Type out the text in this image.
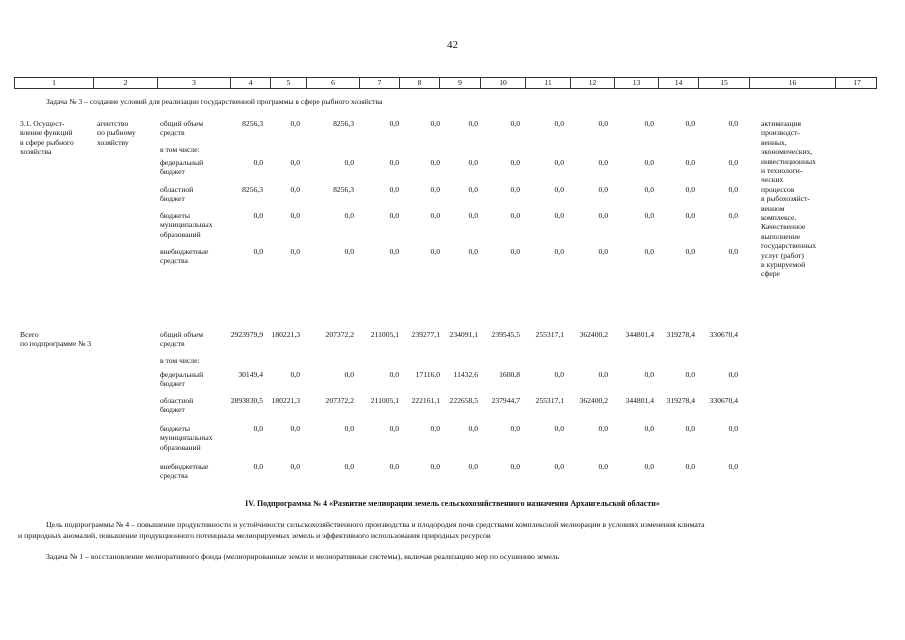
42
1	2	3	4	5	6	7	8	9	10	11	12	13	14	15	16	17
Задача № 3 – создание условий для реализации государственной программы в сфере рыбного хозяйства
3.1. Осущест-
вление функций
в сфере рыбного
хозяйства
агентство
по рыбному
хозяйству
общий объем
средств
8256,3	0,0	8256,3	0,0	0,0	0,0	0,0	0,0	0,0	0,0	0,0	0,0
в том числе:
федеральный
бюджет
0,0	0,0	0,0	0,0	0,0	0,0	0,0	0,0	0,0	0,0	0,0	0,0
областной
бюджет
8256,3	0,0	8256,3	0,0	0,0	0,0	0,0	0,0	0,0	0,0	0,0	0,0
бюджеты
муниципальных
образований
0,0	0,0	0,0	0,0	0,0	0,0	0,0	0,0	0,0	0,0	0,0	0,0
внебюджетные
средства
0,0	0,0	0,0	0,0	0,0	0,0	0,0	0,0	0,0	0,0	0,0	0,0
активизация
производст-
венных,
экономических,
инвестиционных
и технологи-
ческих
процессов
в рыбохозяйст-
венном
комплексе.
Качественное
выполнение
государственных
услуг (работ)
в курируемой
сфере
Всего
по подпрограмме № 3
общий объем
средств
2923979,9 180221,3	207372,2 211005,1 239277,1 234091,1 239545,5 255317,1 362400,2 344801,4 319278,4 330670,4
в том числе:
федеральный
бюджет
30149,4	0,0	0,0	0,0 17116,0 11432,6	1600,8	0,0	0,0	0,0	0,0	0,0
областной
бюджет
2893830,5 180221,3	207372,2 211005,1 222161,1 222658,5 237944,7 255317,1 362400,2 344801,4 319278,4 330670,4
бюджеты
муниципальных
образований
0,0	0,0	0,0	0,0	0,0	0,0	0,0	0,0	0,0	0,0	0,0	0,0
внебюджетные
средства
0,0	0,0	0,0	0,0	0,0	0,0	0,0	0,0	0,0	0,0	0,0	0,0
IV. Подпрограмма № 4 «Развитие мелиорации земель сельскохозяйственного назначения Архангельской области»
Цель подпрограммы № 4 – повышение продуктивности и устойчивости сельскохозяйственного производства и плодородия почв средствами комплексной мелиорации в условиях изменения климата
и природных аномалий, повышение продукционного потенциала мелиорируемых земель и эффективного использования природных ресурсов
Задача № 1 – восстановление мелиоративного фонда (мелиорированные земли и мелиоративные системы), включая реализацию мер по осушению земель
